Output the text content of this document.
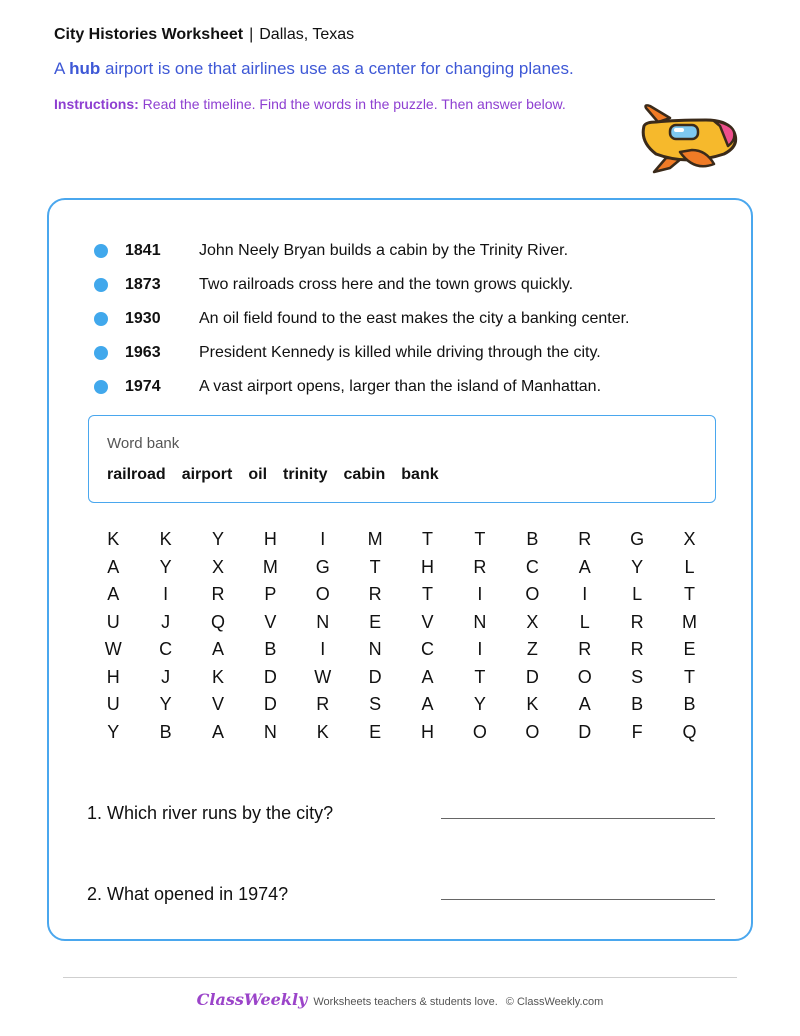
City Histories Worksheet | Dallas, Texas
A hub airport is one that airlines use as a center for changing planes.
Instructions: Read the timeline. Find the words in the puzzle. Then answer below.
1841	John Neely Bryan builds a cabin by the Trinity River.
1873	Two railroads cross here and the town grows quickly.
1930	An oil field found to the east makes the city a banking center.
1963	President Kennedy is killed while driving through the city.
1974	A vast airport opens, larger than the island of Manhattan.
Word bank
railroad airport oil trinity cabin bank
K	K	Y	H	I	M	T	T	B	R	G	X
A	Y	X	M	G	T	H	R	C	A	Y	L
A	I	R	P	O	R	T	I	O	I	L	T
U	J	Q	V	N	E	V	N	X	L	R	M
W	C	A	B	I	N	C	I	Z	R	R	E
H	J	K	D	W	D	A	T	D	O	S	T
U	Y	V	D	R	S	A	Y	K	A	B	B
Y	B	A	N	K	E	H	O	O	D	F	Q
1. Which river runs by the city?
2. What opened in 1974?
ClassWeekly Worksheets teachers & students love. © ClassWeekly.com
